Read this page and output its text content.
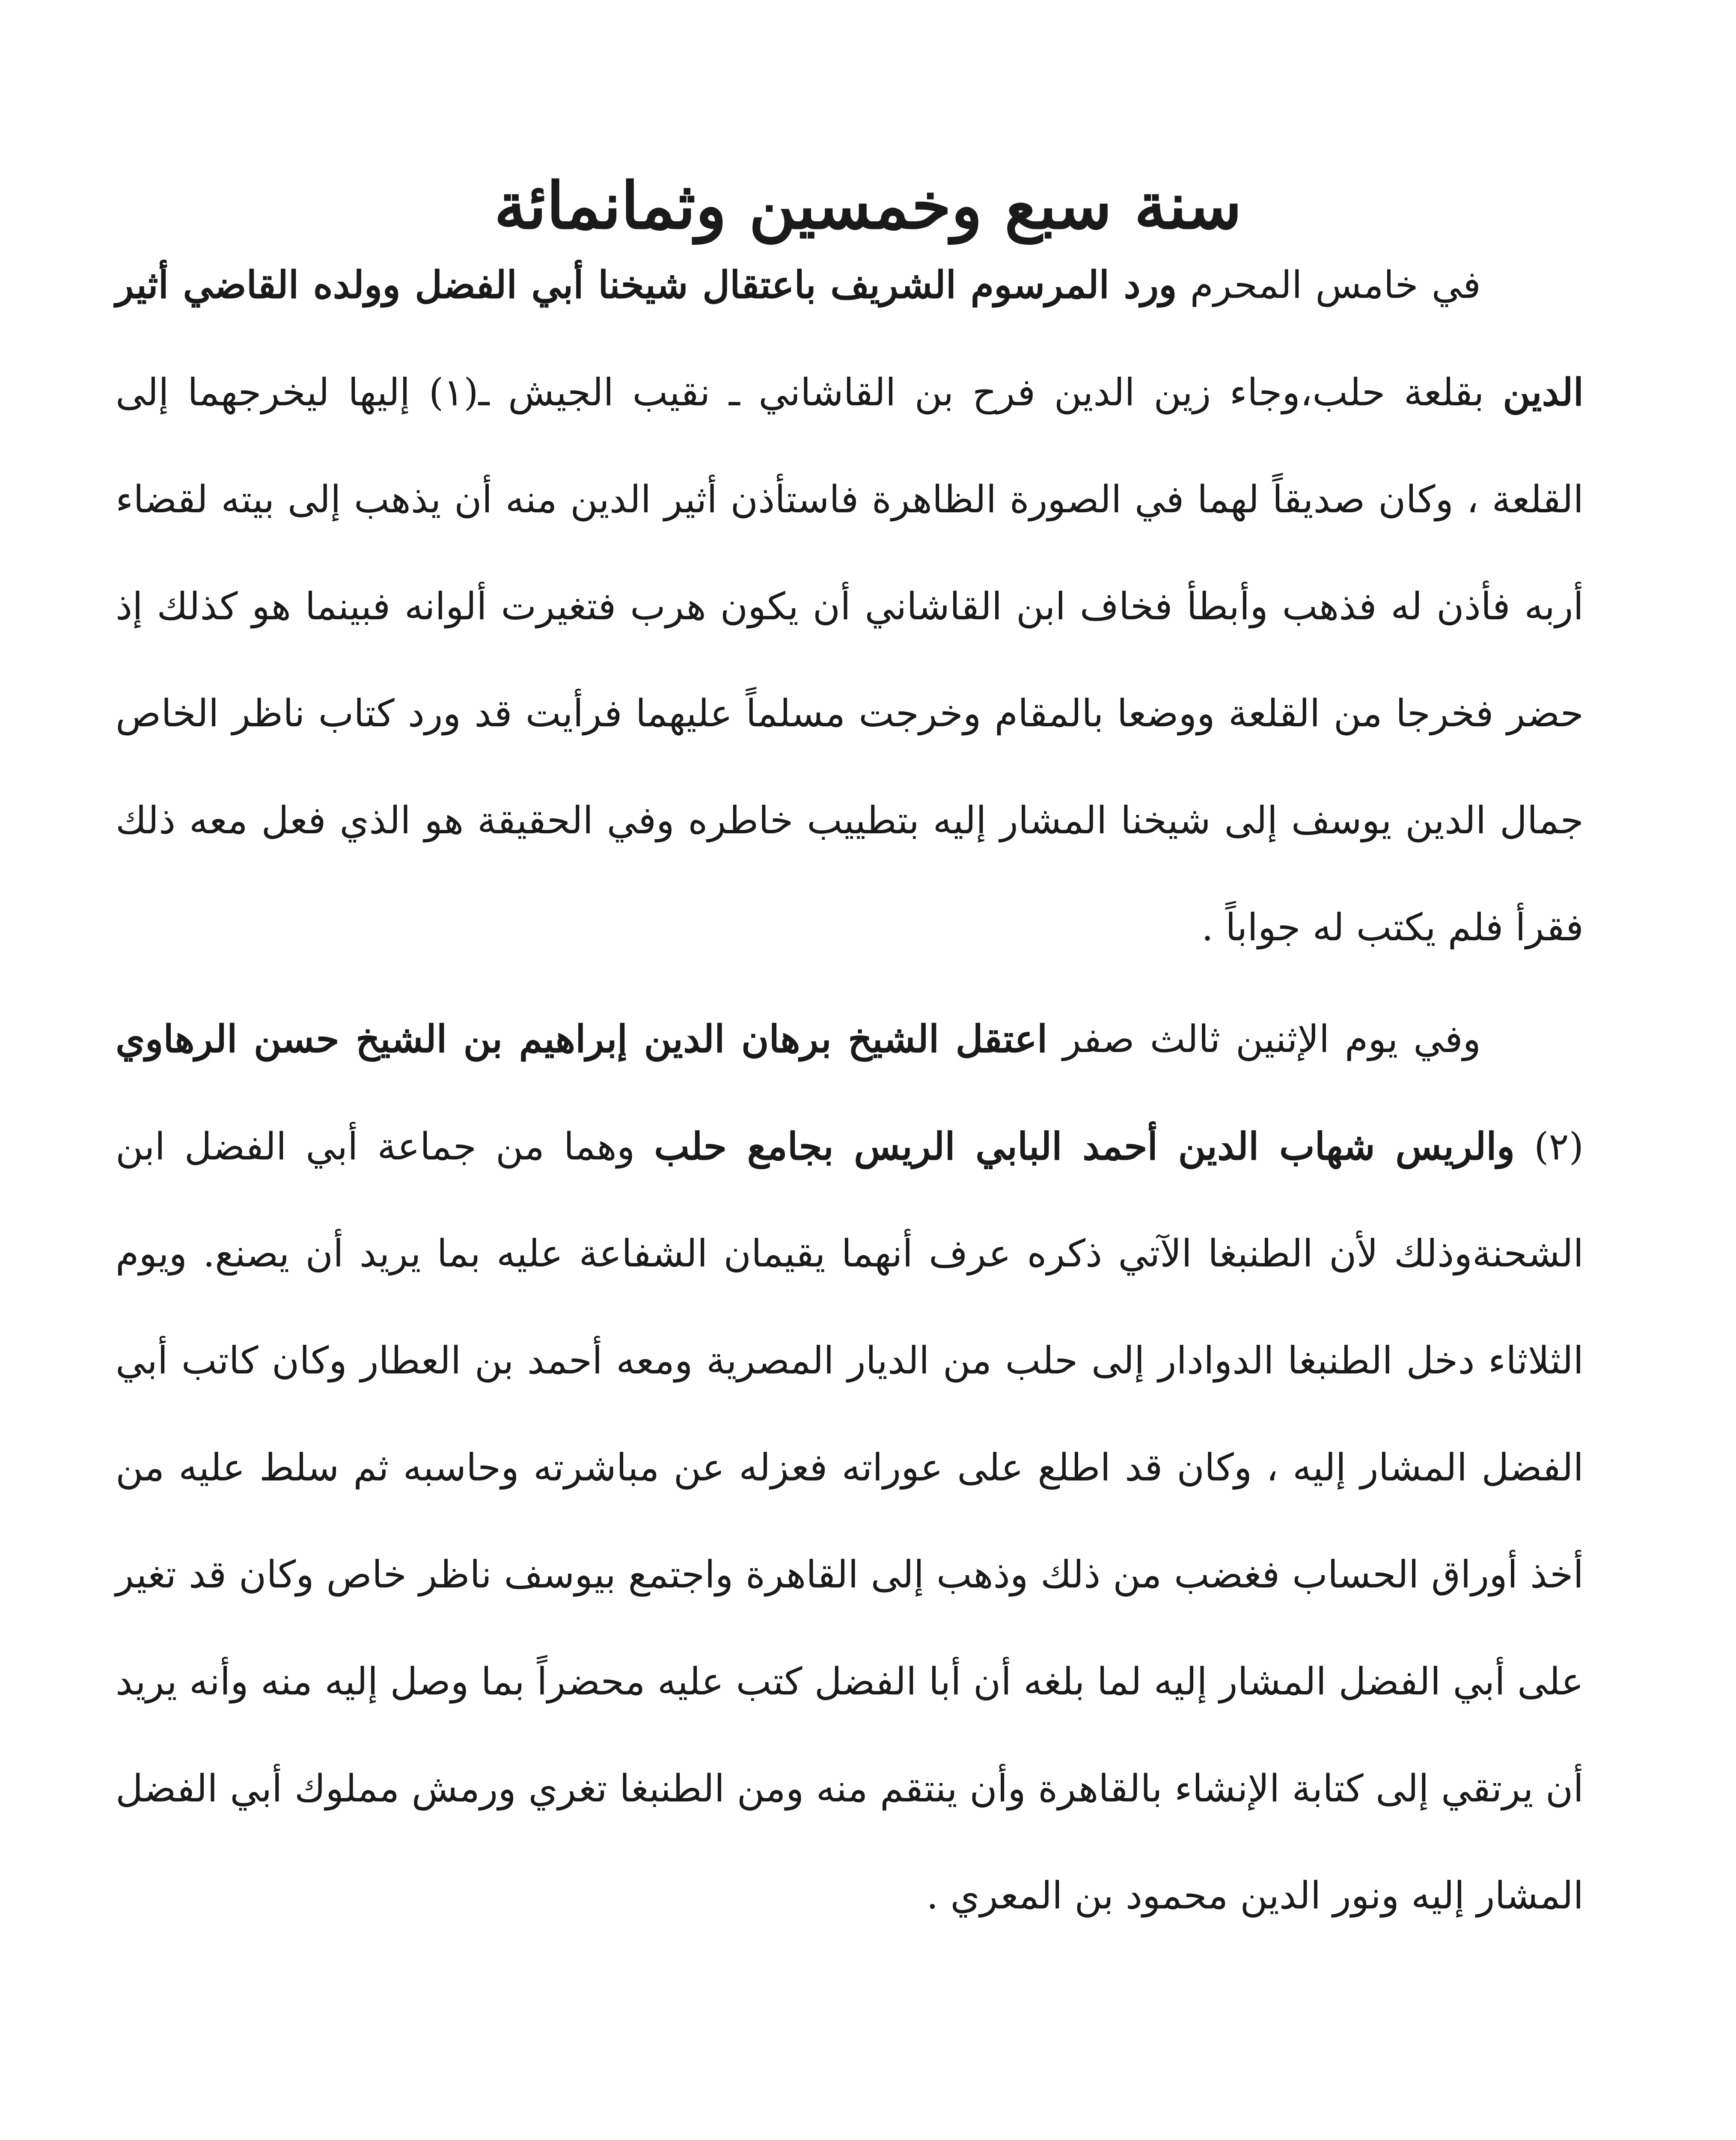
سنة سبع وخمسين وثمانمائة

في خامس المحرم ورد المرسوم الشريف باعتقال شيخنا أبي الفضل وولده القاضي أثير الدين بقلعة حلب،وجاء زين الدين فرح بن القاشاني ـ نقيب الجيش ـ(١) إليها ليخرجهما إلى القلعة ، وكان صديقاً لهما في الصورة الظاهرة فاستأذن أثير الدين منه أن يذهب إلى بيته لقضاء أربه فأذن له فذهب وأبطأ فخاف ابن القاشاني أن يكون هرب فتغيرت ألوانه فبينما هو كذلك إذ حضر فخرجا من القلعة ووضعا بالمقام وخرجت مسلماً عليهما فرأيت قد ورد كتاب ناظر الخاص جمال الدين يوسف إلى شيخنا المشار إليه بتطييب خاطره وفي الحقيقة هو الذي فعل معه ذلك فقرأ فلم يكتب له جواباً .

وفي يوم الإثنين ثالث صفر اعتقل الشيخ برهان الدين إبراهيم بن الشيخ حسن الرهاوي (٢) والريس شهاب الدين أحمد البابي الريس بجامع حلب وهما من جماعة أبي الفضل ابن الشحنةوذلك لأن الطنبغا الآتي ذكره عرف أنهما يقيمان الشفاعة عليه بما يريد أن يصنع. ويوم الثلاثاء دخل الطنبغا الدوادار إلى حلب من الديار المصرية ومعه أحمد بن العطار وكان كاتب أبي الفضل المشار إليه ، وكان قد اطلع على عوراته فعزله عن مباشرته وحاسبه ثم سلط عليه من أخذ أوراق الحساب فغضب من ذلك وذهب إلى القاهرة واجتمع بيوسف ناظر خاص وكان قد تغير على أبي الفضل المشار إليه لما بلغه أن أبا الفضل كتب عليه محضراً بما وصل إليه منه وأنه يريد أن يرتقي إلى كتابة الإنشاء بالقاهرة وأن ينتقم منه ومن الطنبغا تغري ورمش مملوك أبي الفضل المشار إليه ونور الدين محمود بن المعري .
